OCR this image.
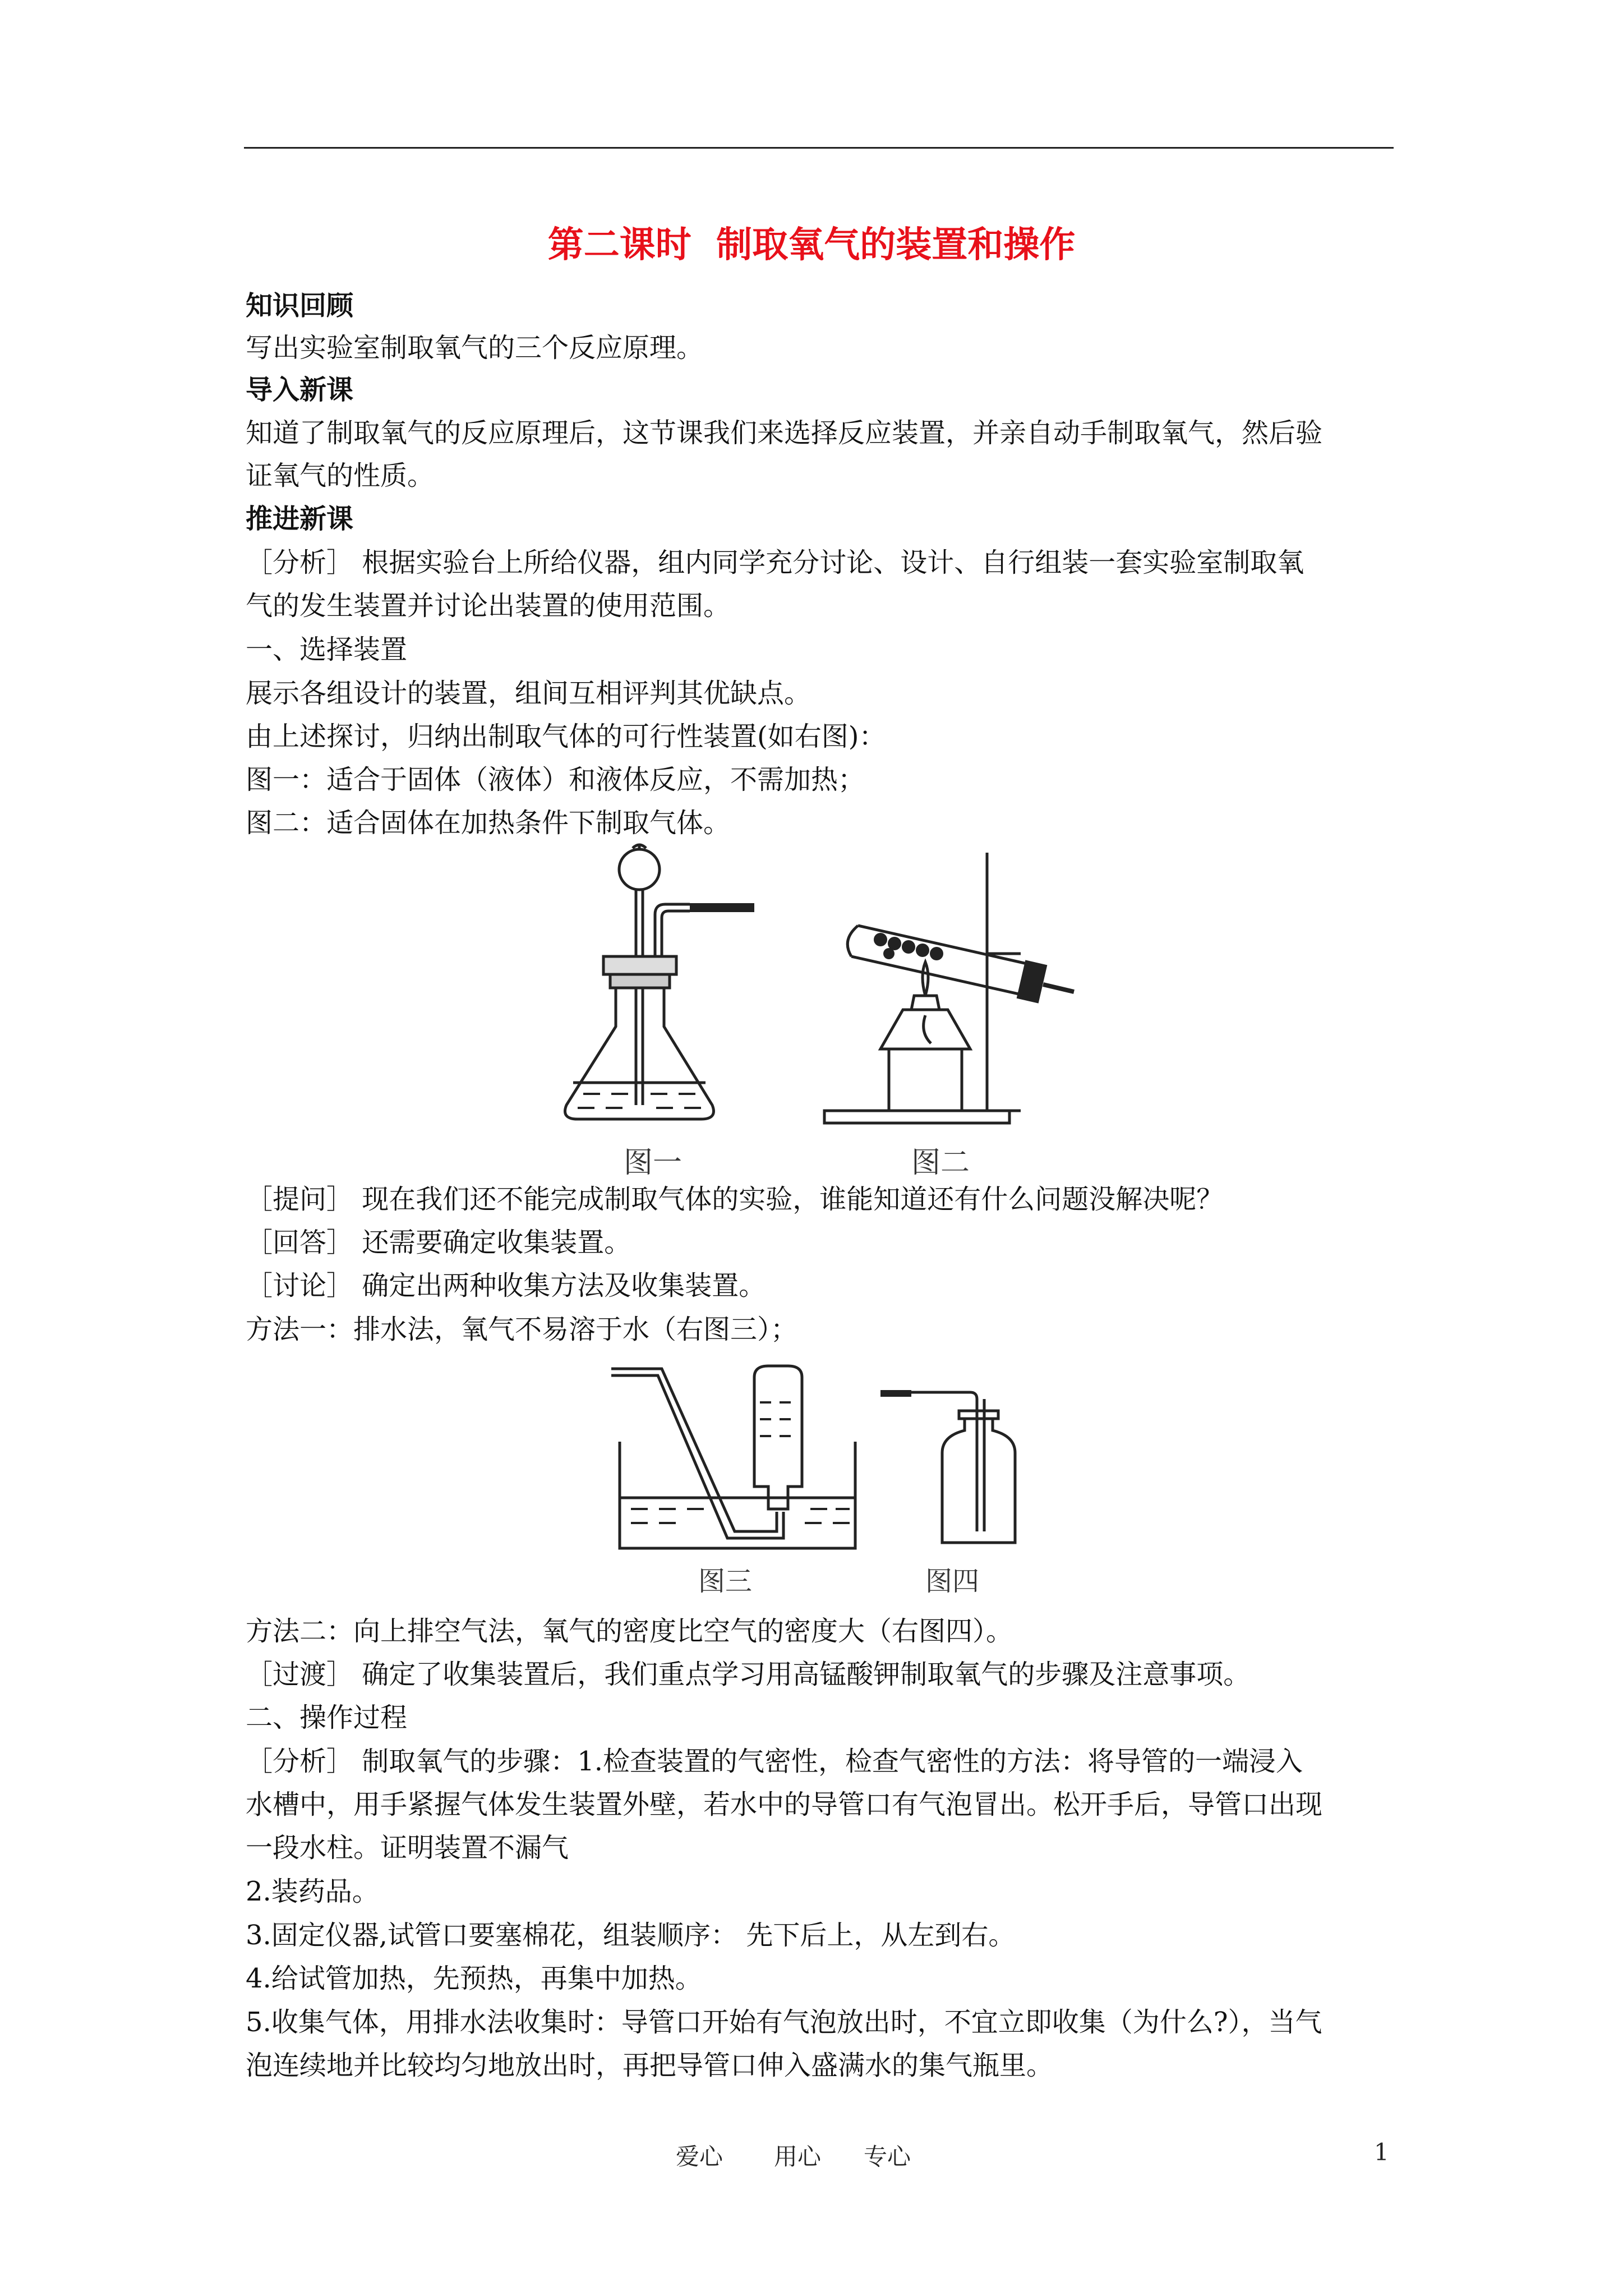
第二课时  制取氧气的装置和操作
知识回顾
写出实验室制取氧气的三个反应原理。
导入新课
知道了制取氧气的反应原理后，这节课我们来选择反应装置，并亲自动手制取氧气，然后验
证氧气的性质。
推进新课
［分析］ 根据实验台上所给仪器，组内同学充分讨论、设计、自行组装一套实验室制取氧
气的发生装置并讨论出装置的使用范围。
一、选择装置
展示各组设计的装置，组间互相评判其优缺点。
由上述探讨，归纳出制取气体的可行性装置(如右图)：
图一：适合于固体（液体）和液体反应，不需加热；
图二：适合固体在加热条件下制取气体。
图一	图二
［提问］ 现在我们还不能完成制取气体的实验，谁能知道还有什么问题没解决呢？
［回答］ 还需要确定收集装置。
［讨论］ 确定出两种收集方法及收集装置。
方法一：排水法，氧气不易溶于水（右图三）；
图三	图四
方法二：向上排空气法，氧气的密度比空气的密度大（右图四）。
［过渡］ 确定了收集装置后，我们重点学习用高锰酸钾制取氧气的步骤及注意事项。
二、操作过程
［分析］ 制取氧气的步骤：1.检查装置的气密性，检查气密性的方法：将导管的一端浸入
水槽中，用手紧握气体发生装置外壁，若水中的导管口有气泡冒出。松开手后，导管口出现
一段水柱。证明装置不漏气
2.装药品。
3.固定仪器,试管口要塞棉花，组装顺序： 先下后上，从左到右。
4.给试管加热，先预热，再集中加热。
5.收集气体，用排水法收集时：导管口开始有气泡放出时，不宜立即收集（为什么?），当气
泡连续地并比较均匀地放出时，再把导管口伸入盛满水的集气瓶里。
爱心 用心 专心	1
